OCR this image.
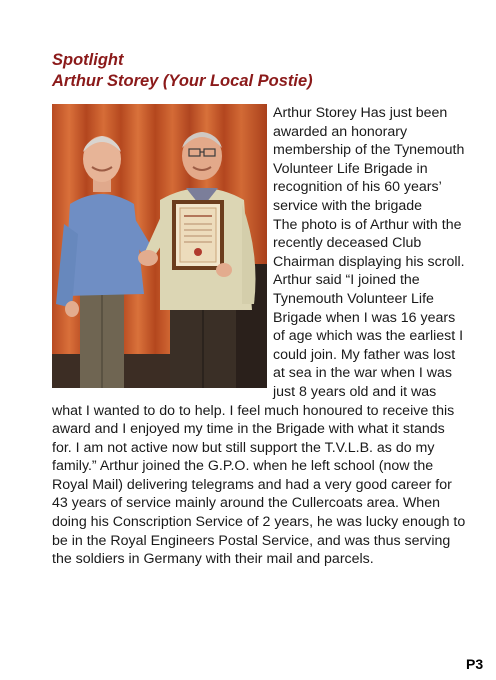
Spotlight
Arthur Storey (Your Local Postie)

Arthur Storey Has just been awarded an honorary membership of the Tynemouth Volunteer Life Brigade in recognition of his 60 years’ service with the brigade

The photo is of Arthur with the recently deceased Club Chairman displaying his scroll.

Arthur said “I joined the Tynemouth Volunteer Life Brigade when I was 16 years of age which was the earliest I could join. My father was lost at sea in the war when I was just 8 years old and it was what I wanted to do to help. I feel much honoured to receive this award and I enjoyed my time in the Brigade with what it stands for. I am not active now but still support the T.V.L.B. as do my family.” Arthur joined the G.P.O. when he left school (now the Royal Mail) delivering telegrams and had a very good career for 43 years of service mainly around the Cullercoats area. When doing his Conscription Service of 2 years, he was lucky enough to be in the Royal Engineers Postal Service, and was thus serving the soldiers in Germany with their mail and parcels.

P3
